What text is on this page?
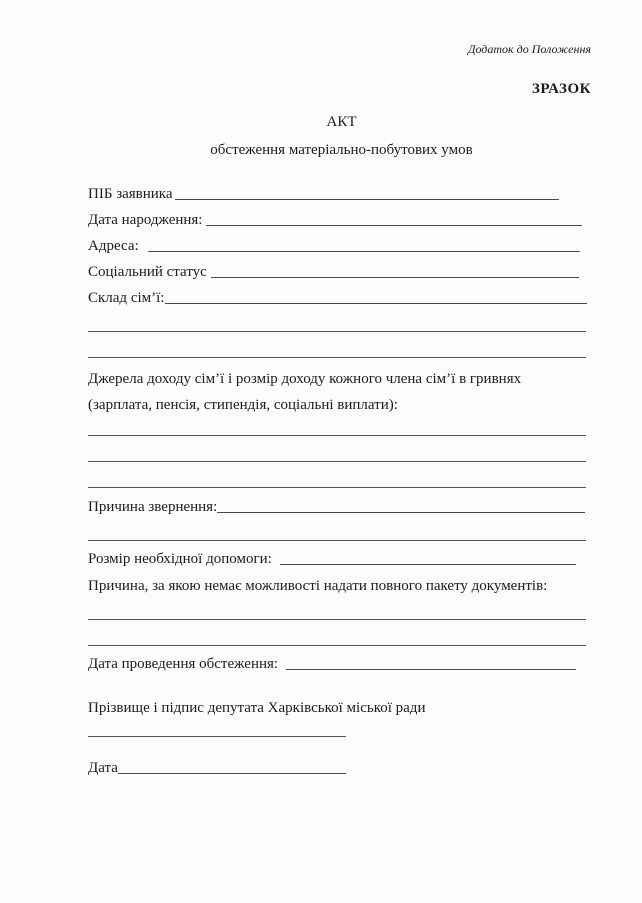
Додаток до Положення
ЗРАЗОК
АКТ
обстеження матеріально-побутових умов
ПІБ заявника
Дата народження:
Адреса:
Соціальний статус
Склад сім’ї:
Джерела доходу сім’ї і розмір доходу кожного члена сім’ї в гривнях
(зарплата, пенсія, стипендія, соціальні виплати):
Причина звернення:
Розмір необхідної допомоги:
Причина, за якою немає можливості надати повного пакету документів:
Дата проведення обстеження:
Прізвище і підпис депутата Харківської міської ради
Дата
